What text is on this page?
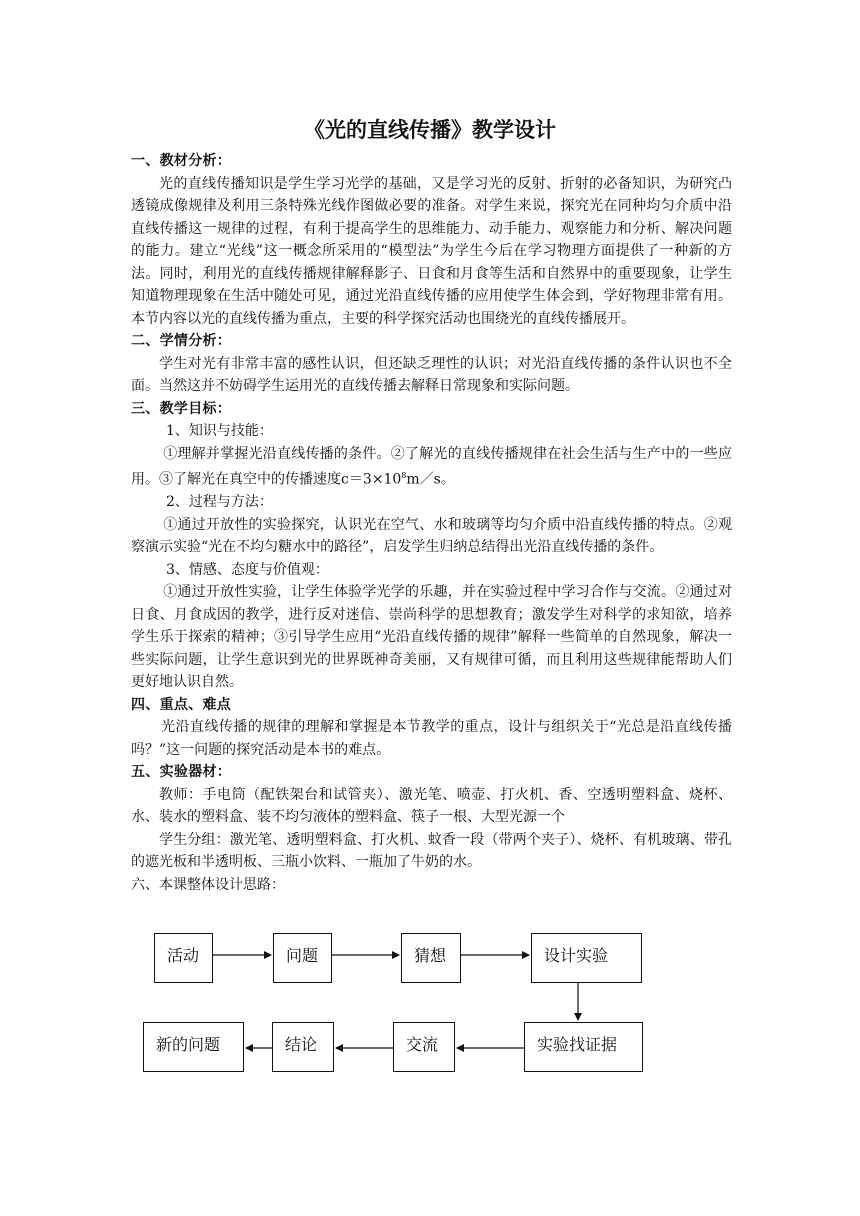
《光的直线传播》教学设计
一、教材分析：

光的直线传播知识是学生学习光学的基础，又是学习光的反射、折射的必备知识，为研究凸透镜成像规律及利用三条特殊光线作图做必要的准备。对学生来说，探究光在同种均匀介质中沿直线传播这一规律的过程，有利于提高学生的思维能力、动手能力、观察能力和分析、解决问题的能力。建立“光线”这一概念所采用的“模型法”为学生今后在学习物理方面提供了一种新的方法。同时，利用光的直线传播规律解释影子、日食和月食等生活和自然界中的重要现象，让学生知道物理现象在生活中随处可见，通过光沿直线传播的应用使学生体会到，学好物理非常有用。本节内容以光的直线传播为重点，主要的科学探究活动也围绕光的直线传播展开。

二、学情分析：

学生对光有非常丰富的感性认识，但还缺乏理性的认识；对光沿直线传播的条件认识也不全面。当然这并不妨碍学生运用光的直线传播去解释日常现象和实际问题。

三、教学目标：
1、知识与技能：

①理解并掌握光沿直线传播的条件。②了解光的直线传播规律在社会生活与生产中的一些应用。③了解光在真空中的传播速度$c=3\times 10^8m/s$。

2、过程与方法：

①通过开放性的实验探究，认识光在空气、水和玻璃等均匀介质中沿直线传播的特点。②观察演示实验“光在不均匀糖水中的路径”，启发学生归纳总结得出光沿直线传播的条件。

3、情感、态度与价值观：

①通过开放性实验，让学生体验学光学的乐趣，并在实验过程中学习合作与交流。②通过对日食、月食成因的教学，进行反对迷信、崇尚科学的思想教育；激发学生对科学的求知欲，培养学生乐于探索的精神；③引导学生应用“光沿直线传播的规律”解释一些简单的自然现象，解决一些实际问题，让学生意识到光的世界既神奇美丽，又有规律可循，而且利用这些规律能帮助人们更好地认识自然。

四、重点、难点

光沿直线传播的规律的理解和掌握是本节教学的重点，设计与组织关于“光总是沿直线传播吗？”这一问题的探究活动是本书的难点。

五、实验器材：

教师：手电筒（配铁架台和试管夹）、激光笔、喷壶、打火机、香、空透明塑料盒、烧杯、水、装水的塑料盒、装不均匀液体的塑料盒、筷子一根、大型光源一个

学生分组：激光笔、透明塑料盒、打火机、蚊香一段（带两个夹子）、烧杯、有机玻璃、带孔的遮光板和半透明板、三瓶小饮料、一瓶加了牛奶的水。

六、本课整体设计思路：
活动	问题	猜想	设计实验
实验找证据
交流
结论
新的问题
